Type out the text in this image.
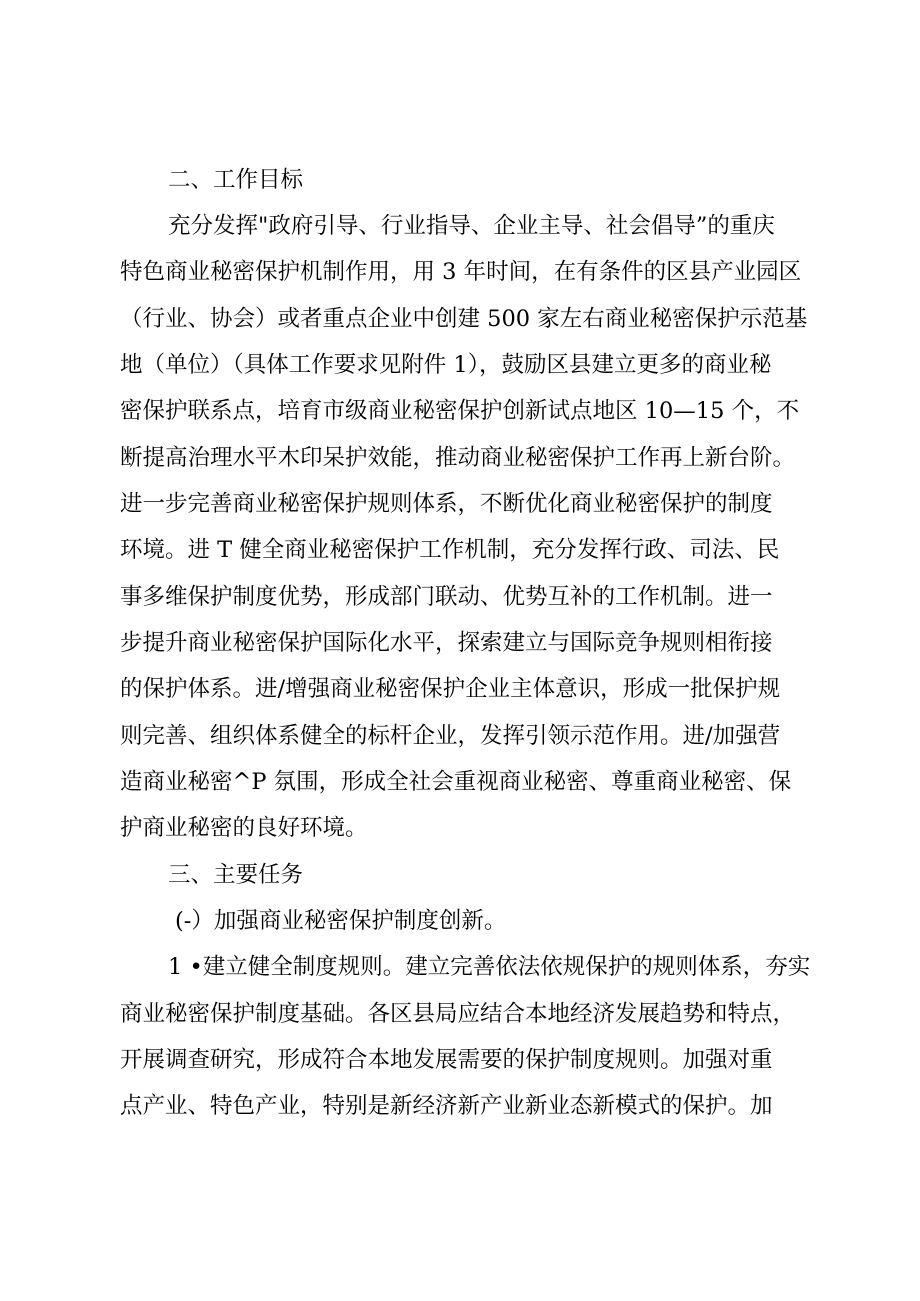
二、工作目标
充分发挥"政府引导、行业指导、企业主导、社会倡导”的重庆
特色商业秘密保护机制作用，用 3 年时间，在有条件的区县产业园区
（行业、协会）或者重点企业中创建 500 家左右商业秘密保护示范基
地（单位）（具体工作要求见附件 1），鼓励区县建立更多的商业秘
密保护联系点，培育市级商业秘密保护创新试点地区 10—15 个，不
断提高治理水平木印呆护效能，推动商业秘密保护工作再上新台阶。
进一步完善商业秘密保护规则体系，不断优化商业秘密保护的制度
环境。进 T 健全商业秘密保护工作机制，充分发挥行政、司法、民
事多维保护制度优势，形成部门联动、优势互补的工作机制。进一
步提升商业秘密保护国际化水平，探索建立与国际竞争规则相衔接
的保护体系。进/增强商业秘密保护企业主体意识，形成一批保护规
则完善、组织体系健全的标杆企业，发挥引领示范作用。进/加强营
造商业秘密^P 氛围，形成全社会重视商业秘密、尊重商业秘密、保
护商业秘密的良好环境。
三、主要任务
(-）加强商业秘密保护制度创新。
1 •建立健全制度规则。建立完善依法依规保护的规则体系，夯实
商业秘密保护制度基础。各区县局应结合本地经济发展趋势和特点，
开展调查研究，形成符合本地发展需要的保护制度规则。加强对重
点产业、特色产业，特别是新经济新产业新业态新模式的保护。加
